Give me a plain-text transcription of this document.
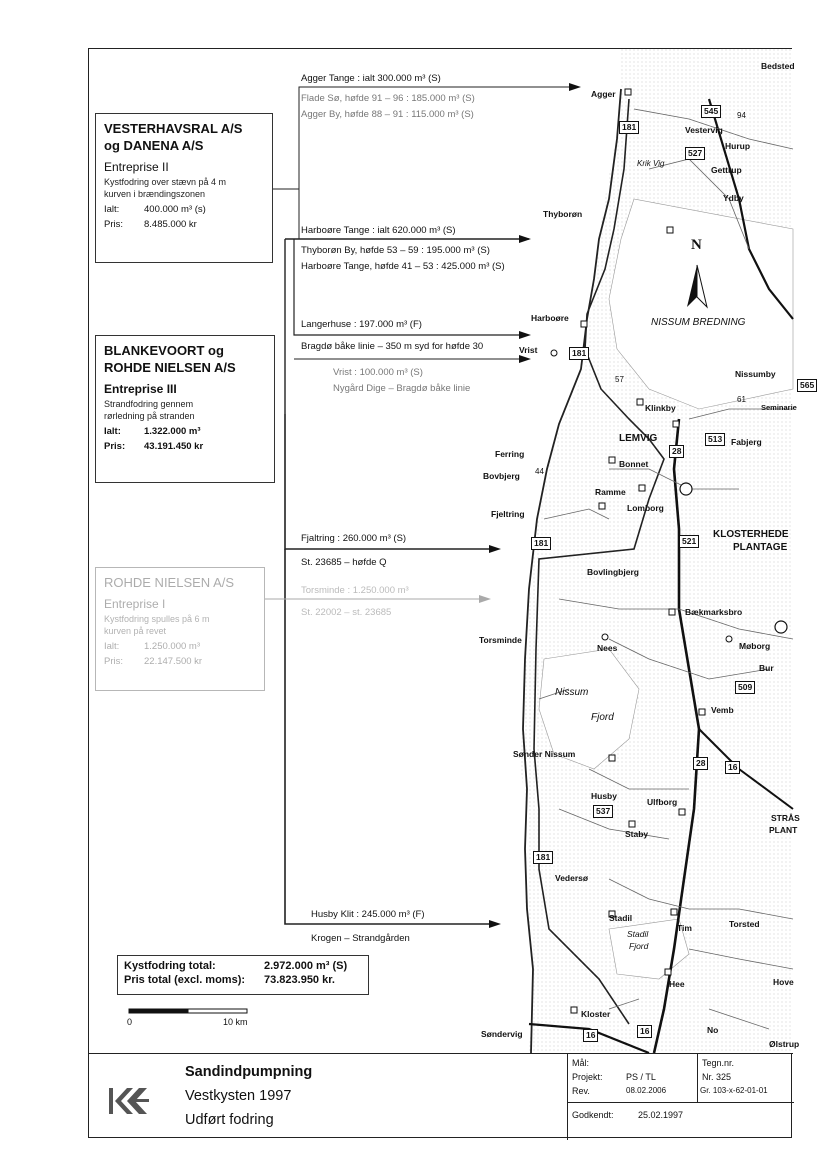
N
NISSUM BREDNING
Nissum
Fjord
Stadil
Fjord
Krik Vig
Agger
Bedsted
Vestervig
Hurup
Gettrup
Ydby
Thyborøn
Harboøre
Vrist
Klinkby
Nissumby
Seminarie
LEMVIG
Ferring
Bovbjerg
Bonnet
Fabjerg
Ramme
Lomborg
Fjeltring
KLOSTERHEDE
PLANTAGE
Bovlingbjerg
Bækmarksbro
Nees	Møborg
Torsminde
Bur
Vemb
Sønder Nissum
Husby
Ulfborg
STRÅS
PLANT
Staby
Vedersø
Stadil
Tim	Torsted
Hee	Hove
Kloster
Søndervig	No
Ølstrup
181
545
527
94
181
57
565
61
513
28
44
521
181
509
28	16
537
181
16	16
Agger Tange : ialt 300.000 m³ (S)
Flade Sø, høfde 91 – 96 : 185.000 m³ (S)
Agger By, høfde 88 – 91 : 115.000 m³ (S)
Harboøre Tange : ialt 620.000 m³ (S)
Thyborøn By, høfde 53 – 59 : 195.000 m³ (S)
Harboøre Tange, høfde 41 – 53 : 425.000 m³ (S)
Langerhuse : 197.000 m³ (F)
Bragdø båke linie – 350 m syd for høfde 30
Vrist : 100.000 m³ (S)
Nygård Dige – Bragdø båke linie
Fjaltring : 260.000 m³ (S)
St. 23685 – høfde Q
Torsminde : 1.250.000 m³
St. 22002 – st. 23685
Husby Klit : 245.000 m³ (F)
Krogen – Strandgården
VESTERHAVSRAL A/S
og DANENA A/S
Entreprise II
Kystfodring over stævn på 4 m
kurven i brændingszonen
Ialt:	400.000 m³ (s)
Pris:	8.485.000 kr
BLANKEVOORT og
ROHDE NIELSEN A/S
Entreprise III
Strandfodring gennem
rørledning på stranden
Ialt:	1.322.000 m³
Pris:	43.191.450 kr
ROHDE NIELSEN A/S
Entreprise I
Kystfodring spulles på 6 m
kurven på revet
Ialt:	1.250.000 m³
Pris:	22.147.500 kr
Kystfodring total:	2.972.000 m³ (S)
Pris total (excl. moms):	73.823.950 kr.
0	10 km
Sandindpumpning
Vestkysten 1997
Udført fodring
Mål:
Projekt:	PS / TL
Rev.	08.02.2006
Godkendt:	25.02.1997
Tegn.nr.
Nr. 325
Gr. 103-x-62-01-01
